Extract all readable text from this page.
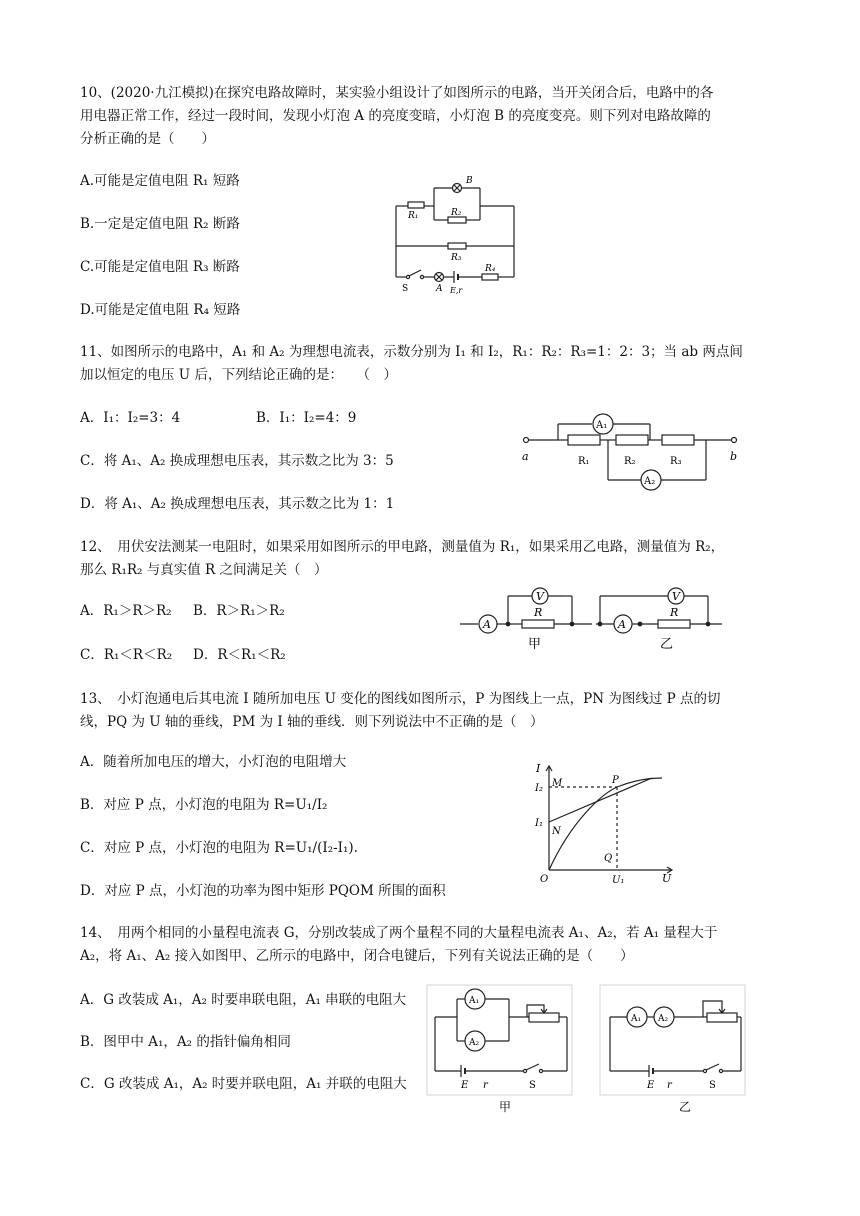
10、(2020·九江模拟)在探究电路故障时，某实验小组设计了如图所示的电路，当开关闭合后，电路中的各
用电器正常工作，经过一段时间，发现小灯泡 A 的亮度变暗，小灯泡 B 的亮度变亮。则下列对电路故障的
分析正确的是（　　）
A.可能是定值电阻 R₁ 短路
B.一定是定值电阻 R₂ 断路
C.可能是定值电阻 R₃ 断路
D.可能是定值电阻 R₄ 短路
B
R₁	R₂
R₃
R₄
S	A E,r
11、如图所示的电路中，A₁ 和 A₂ 为理想电流表，示数分别为 I₁ 和 I₂，R₁：R₂：R₃=1：2：3；当 ab 两点间
加以恒定的电压 U 后，下列结论正确的是：　　（　）
A．I₁：I₂=3：4	B．I₁：I₂=4：9
C．将 A₁、A₂ 换成理想电压表，其示数之比为 3：5
D．将 A₁、A₂ 换成理想电压表，其示数之比为 1：1
A₁
A₂
a	b
R₁	R₂	R₃
12、　用伏安法测某一电阻时，如果采用如图所示的甲电路，测量值为 R₁，如果采用乙电路，测量值为 R₂，
那么 R₁R₂ 与真实值 R 之间满足关（　）
A．R₁＞R＞R₂ B．R＞R₁＞R₂
C．R₁＜R＜R₂ D．R＜R₁＜R₂
V
A
R
甲
V
A
R
乙
13、　小灯泡通电后其电流 I 随所加电压 U 变化的图线如图所示，P 为图线上一点，PN 为图线过 P 点的切
线，PQ 为 U 轴的垂线，PM 为 I 轴的垂线．则下列说法中不正确的是（　）
A．随着所加电压的增大，小灯泡的电阻增大
B．对应 P 点，小灯泡的电阻为 R=U₁/I₂
C．对应 P 点，小灯泡的电阻为 R=U₁/(I₂-I₁).
D．对应 P 点，小灯泡的功率为图中矩形 PQOM 所围的面积
I
U
I₂ M	P
I₁
N
Q
O	U₁
14、　用两个相同的小量程电流表 G，分别改装成了两个量程不同的大量程电流表 A₁、A₂，若 A₁ 量程大于
A₂，将 A₁、A₂ 接入如图甲、乙所示的电路中，闭合电键后，下列有关说法正确的是（　　）
A．G 改装成 A₁，A₂ 时要串联电阻，A₁ 串联的电阻大
B．图甲中 A₁，A₂ 的指针偏角相同
C．G 改装成 A₁，A₂ 时要并联电阻，A₁ 并联的电阻大
A₁
A₂
E r	S
甲
A₁ A₂
E r	S
乙
